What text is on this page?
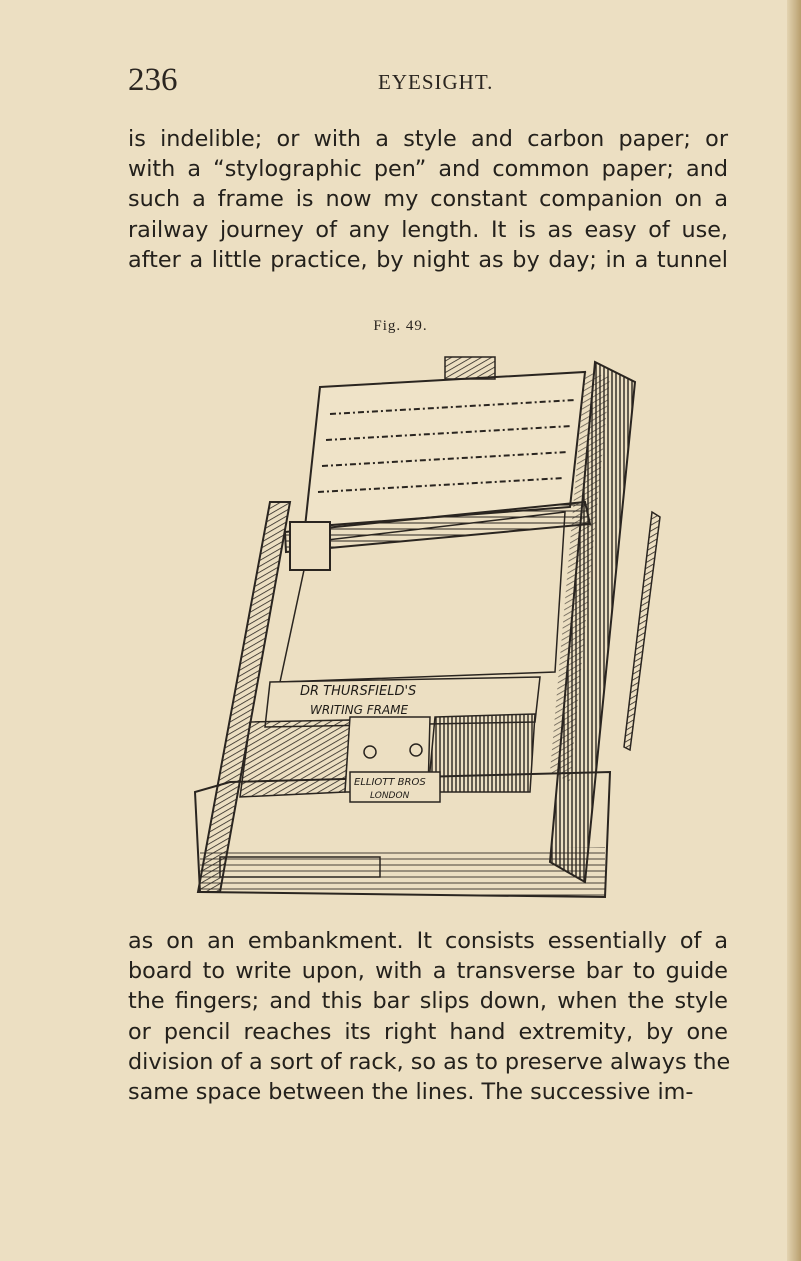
236	EYESIGHT.

is indelible; or with a style and carbon paper; or
with a “stylographic pen” and common paper; and
such a frame is now my constant companion on a
railway journey of any length. It is as easy of use,
after a little practice, by night as by day; in a tunnel

Fig. 49.
DR THURSFIELD'S
WRITING FRAME
ELLIOTT BROS
LONDON

as on an embankment. It consists essentially of a
board to write upon, with a transverse bar to guide
the fingers; and this bar slips down, when the style
or pencil reaches its right hand extremity, by one
division of a sort of rack, so as to preserve always the
same space between the lines. The successive im-
